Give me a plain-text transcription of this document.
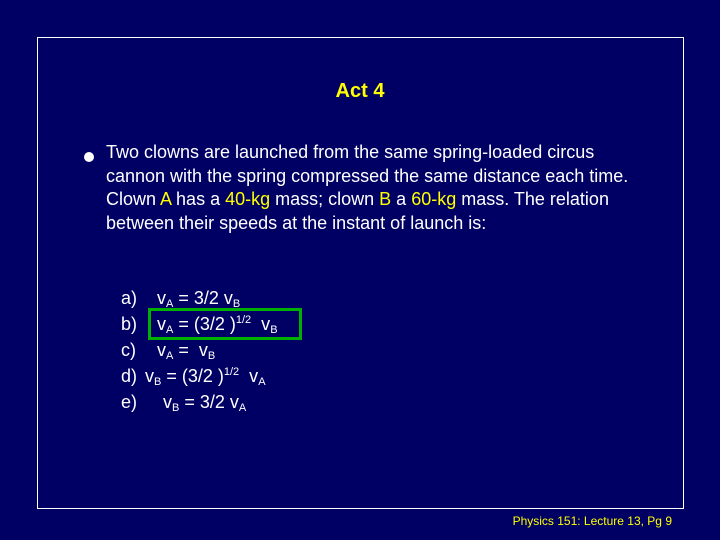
Act 4
Two clowns are launched from the same spring-loaded circus cannon with the spring compressed the same distance each time. Clown A has a 40-kg mass; clown B a 60-kg mass. The relation between their speeds at the instant of launch is:
a) $v_A = 3/2$ $v_B$
b) $v_A = (3/2$ )$^{1/2}$  $v_B$
c) $v_A = v_B$
d) $v_B = (3/2$ )$^{1/2}$  $v_A$
e) $v_B = 3/2$ $v_A$
Physics 151: Lecture 13, Pg 9
